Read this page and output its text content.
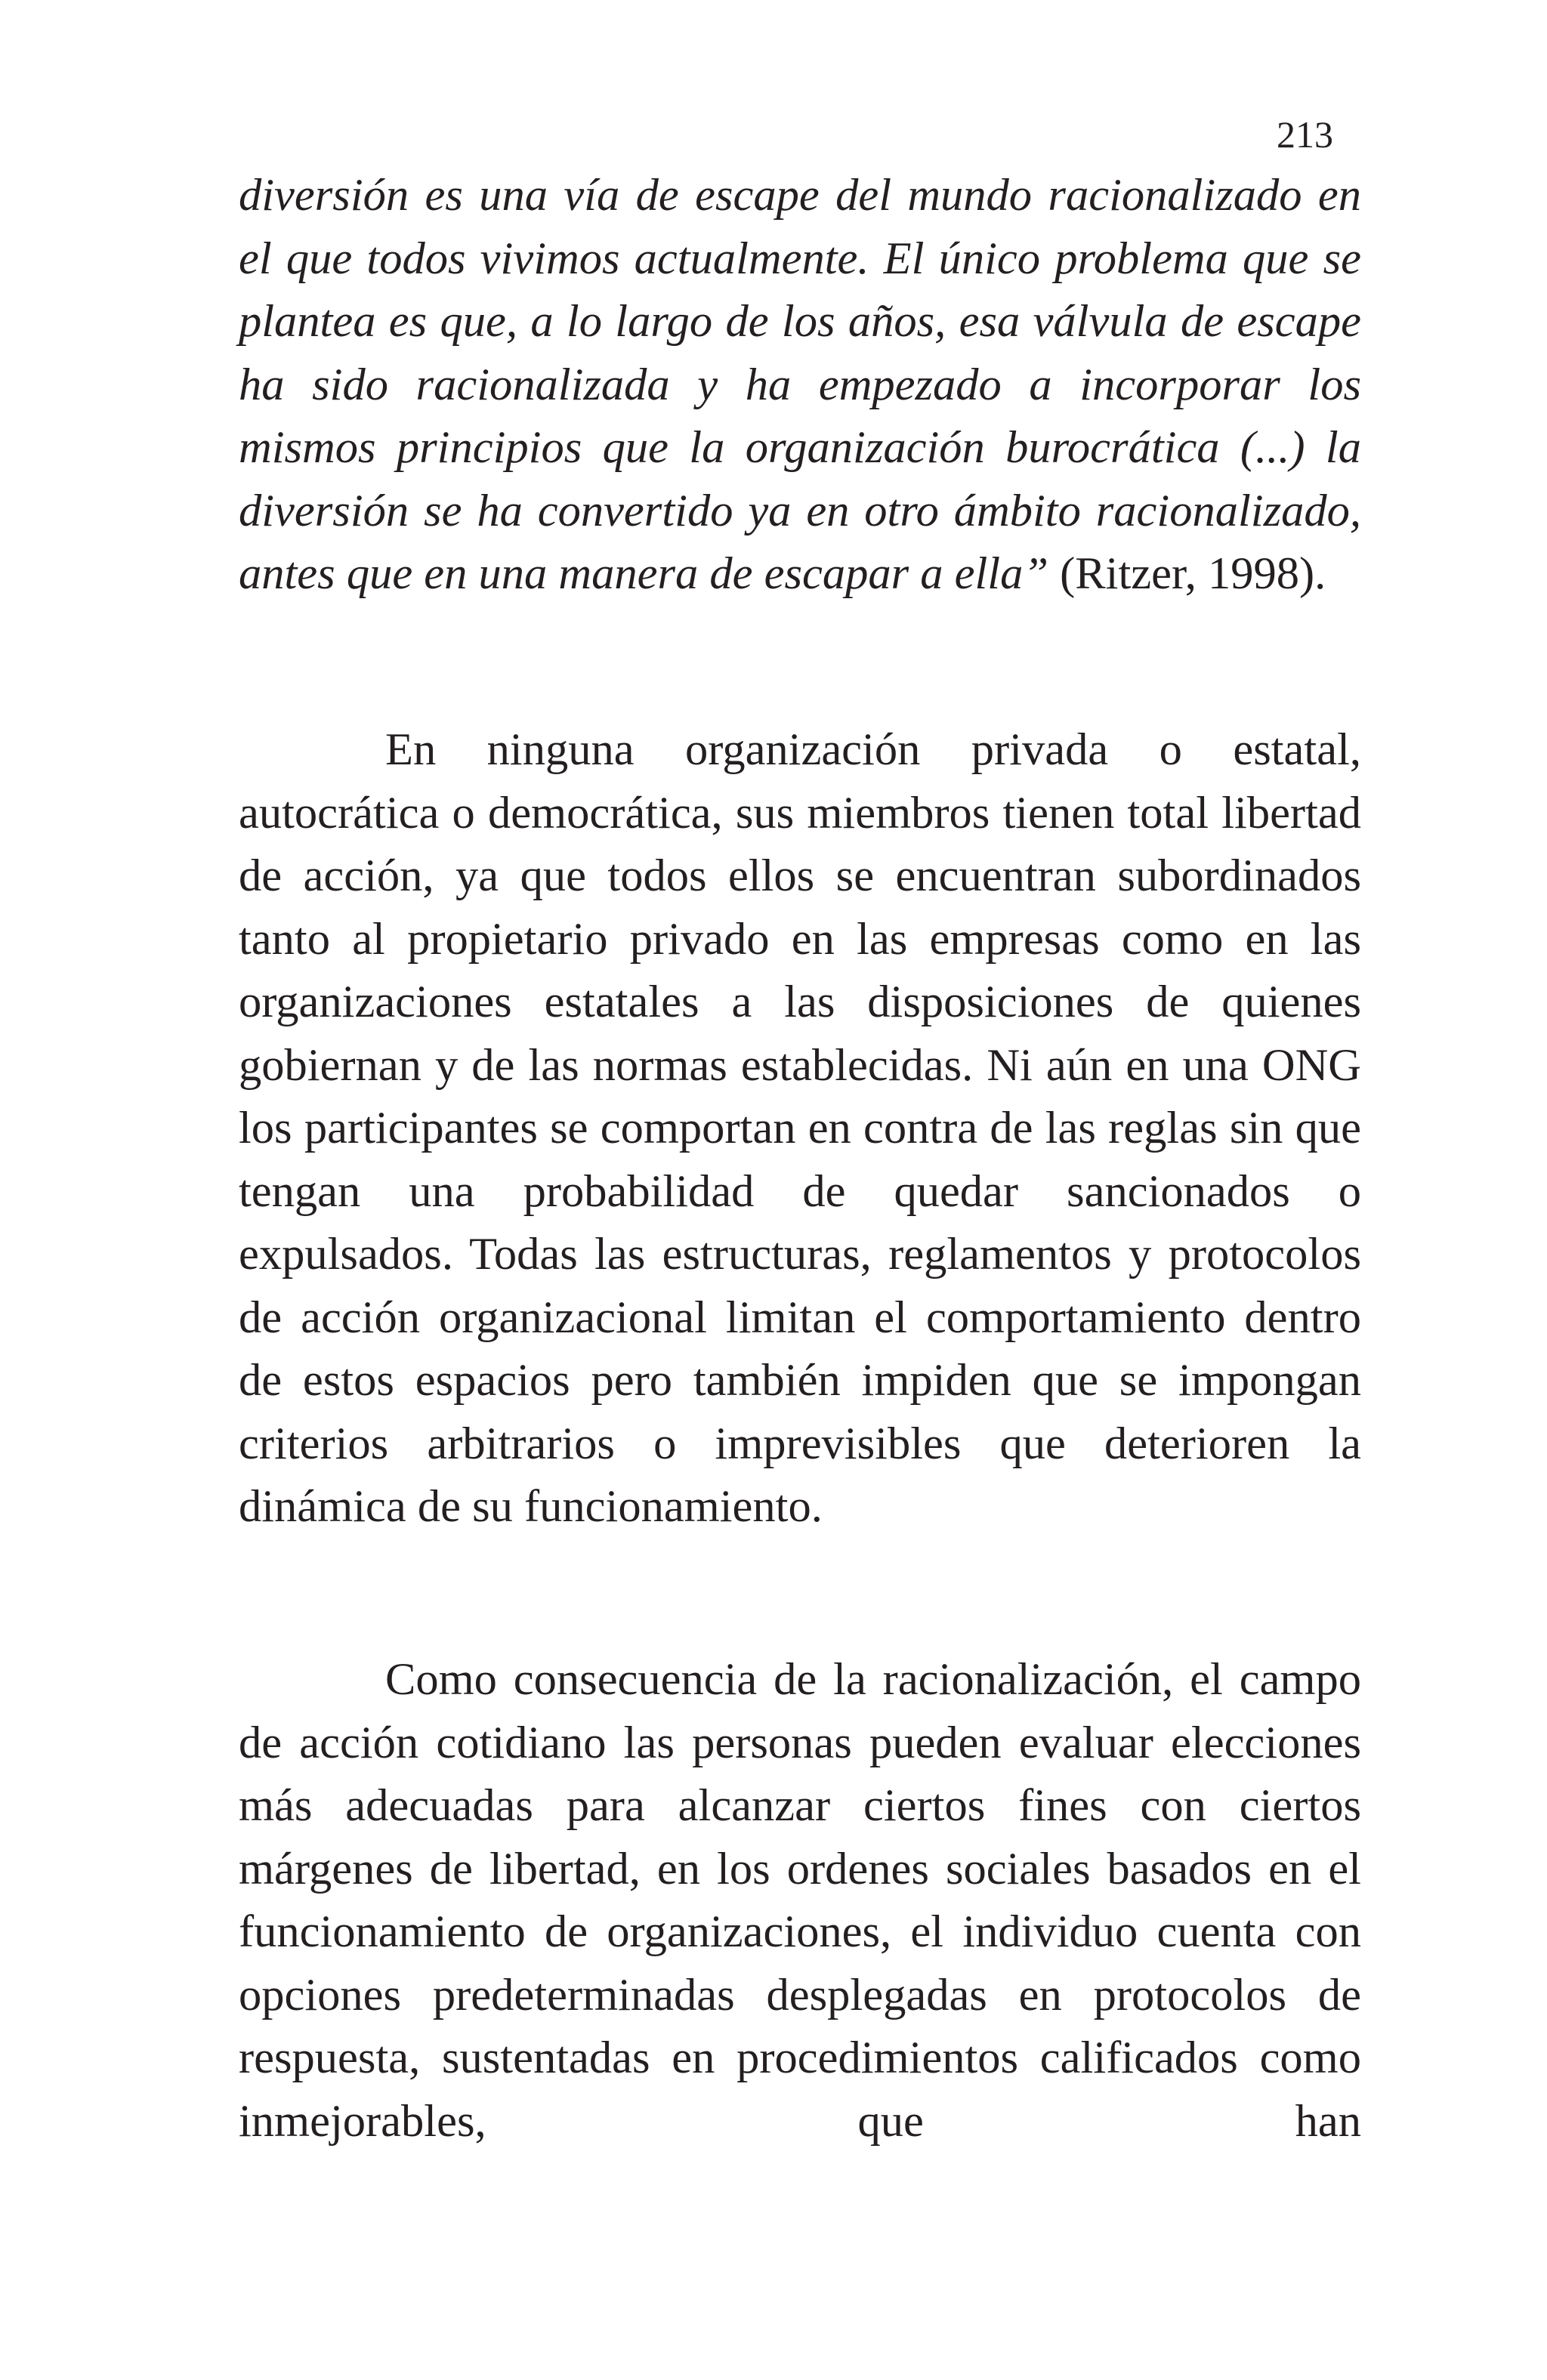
213

diversión es una vía de escape del mundo racionalizado en el que todos vivimos actualmente. El único problema que se plantea es que, a lo largo de los años, esa válvula de escape ha sido racionalizada y ha empezado a incorporar los mismos principios que la organización burocrática (...) la diversión se ha convertido ya en otro ámbito racionalizado, antes que en una manera de escapar a ella” (Ritzer, 1998).

En ninguna organización privada o estatal, autocrática o democrática, sus miembros tienen total libertad de acción, ya que todos ellos se encuentran subordinados tanto al propietario privado en las empresas como en las organizaciones estatales a las disposiciones de quienes gobiernan y de las normas establecidas. Ni aún en una ONG los participantes se comportan en contra de las reglas sin que tengan una probabilidad de quedar sancionados o expulsados. Todas las estructuras, reglamentos y protocolos de acción organizacional limitan el comportamiento dentro de estos espacios pero también impiden que se impongan criterios arbitrarios o imprevisibles que deterioren la dinámica de su funcionamiento.

Como consecuencia de la racionalización, el campo de acción cotidiano las personas pueden evaluar elecciones más adecuadas para alcanzar ciertos fines con ciertos márgenes de libertad, en los ordenes sociales basados en el funcionamiento de organizaciones, el individuo cuenta con opciones predeterminadas desplegadas en protocolos de respuesta, sustentadas en procedimientos calificados como inmejorables, que han
